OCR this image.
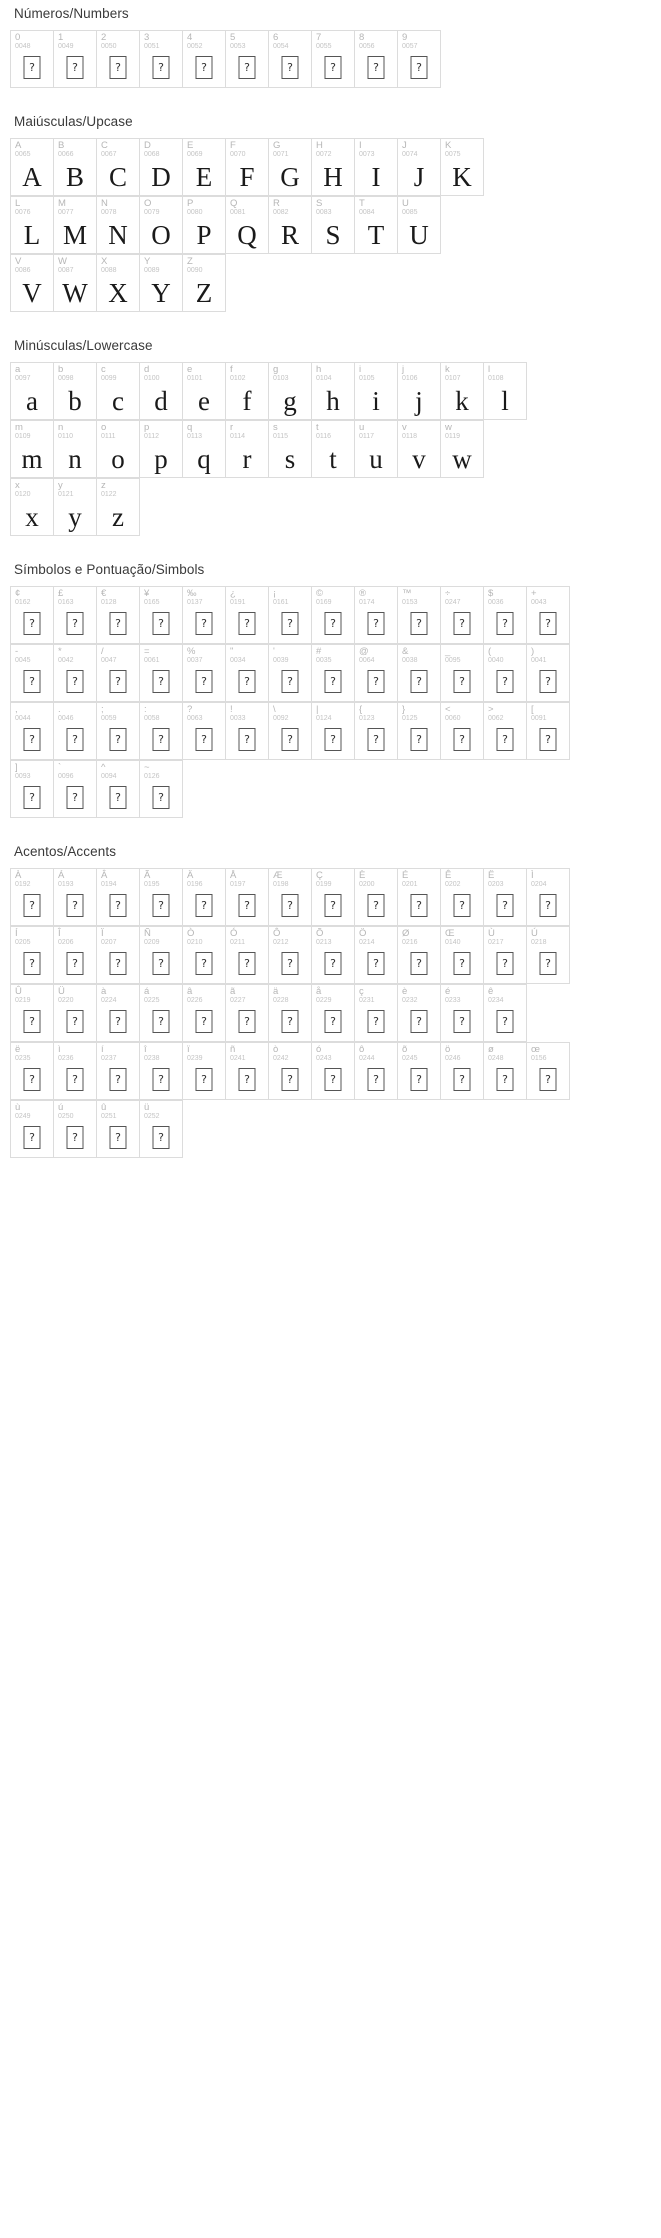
Números/Numbers
0
0048
?
1
0049
?
2
0050
?
3
0051
?
4
0052
?
5
0053
?
6
0054
?
7
0055
?
8
0056
?
9
0057
?
Maiúsculas/Upcase
A
0065
A
B
0066
B
C
0067
C
D
0068
D
E
0069
E
F
0070
F
G
0071
G
H
0072
H
I
0073
I
J
0074
J
K
0075
K
L
0076
L
M
0077
M
N
0078
N
O
0079
O
P
0080
P
Q
0081
Q
R
0082
R
S
0083
S
T
0084
T
U
0085
U
V
0086
V
W
0087
W
X
0088
X
Y
0089
Y
Z
0090
Z
Minúsculas/Lowercase
a
0097
a
b
0098
b
c
0099
c
d
0100
d
e
0101
e
f
0102
f
g
0103
g
h
0104
h
i
0105
i
j
0106
j
k
0107
k
l
0108
l
m
0109
m
n
0110
n
o
0111
o
p
0112
p
q
0113
q
r
0114
r
s
0115
s
t
0116
t
u
0117
u
v
0118
v
w
0119
w
x
0120
x
y
0121
y
z
0122
z
Símbolos e Pontuação/Simbols
¢
0162
?
£
0163
?
€
0128
?
¥
0165
?
‰
0137
?
¿
0191
?
¡
0161
?
©
0169
?
®
0174
?
™
0153
?
÷
0247
?
$
0036
?
+
0043
?
-
0045
?
*
0042
?
/
0047
?
=
0061
?
%
0037
?
"
0034
?
'
0039
?
#
0035
?
@
0064
?
&
0038
?
_
0095
?
(
0040
?
)
0041
?
,
0044
?
.
0046
?
;
0059
?
:
0058
?
?
0063
?
!
0033
?
\
0092
?
|
0124
?
{
0123
?
}
0125
?
<
0060
?
>
0062
?
[
0091
?
]
0093
?
`
0096
?
^
0094
?
~
0126
?
Acentos/Accents
À
0192
?
Á
0193
?
Â
0194
?
Ã
0195
?
Ä
0196
?
Å
0197
?
Æ
0198
?
Ç
0199
?
È
0200
?
É
0201
?
Ê
0202
?
Ë
0203
?
Ì
0204
?
Í
0205
?
Î
0206
?
Ï
0207
?
Ñ
0209
?
Ò
0210
?
Ó
0211
?
Ô
0212
?
Õ
0213
?
Ö
0214
?
Ø
0216
?
Œ
0140
?
Ù
0217
?
Ú
0218
?
Û
0219
?
Ü
0220
?
à
0224
?
á
0225
?
â
0226
?
ã
0227
?
ä
0228
?
å
0229
?
ç
0231
?
è
0232
?
é
0233
?
ê
0234
?
ë
0235
?
ì
0236
?
í
0237
?
î
0238
?
ï
0239
?
ñ
0241
?
ò
0242
?
ó
0243
?
ô
0244
?
õ
0245
?
ö
0246
?
ø
0248
?
œ
0156
?
ù
0249
?
ú
0250
?
û
0251
?
ü
0252
?
